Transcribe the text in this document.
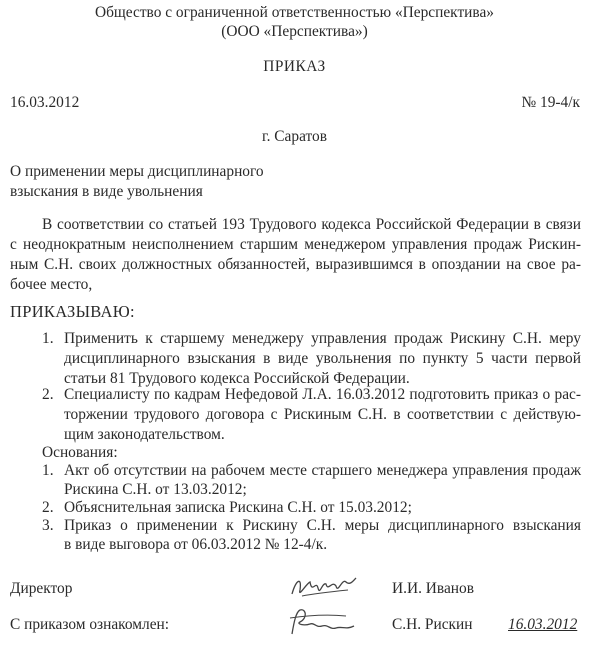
Общество с ограниченной ответственностью «Перспектива»
(ООО «Перспектива»)
ПРИКАЗ
16.03.2012	№ 19-4/к
г. Саратов
О применении меры дисциплинарного
взыскания в виде увольнения
В соответствии со статьей 193 Трудового кодекса Российской Федерации в связи
с неоднократным неисполнением старшим менеджером управления продаж Рискин-
ным С.Н. своих должностных обязанностей, выразившимся в опоздании на свое ра-
бочее место,
ПРИКАЗЫВАЮ:
1. Применить к старшему менеджеру управления продаж Рискину С.Н. меру
дисциплинарного взыскания в виде увольнения по пункту 5 части первой
статьи 81 Трудового кодекса Российской Федерации.
2. Специалисту по кадрам Нефедовой Л.А. 16.03.2012 подготовить приказ о рас-
торжении трудового договора с Рискиным С.Н. в соответствии с действую-
щим законодательством.
Основания:
1. Акт об отсутствии на рабочем месте старшего менеджера управления продаж
Рискина С.Н. от 13.03.2012;
2. Объяснительная записка Рискина С.Н. от 15.03.2012;
3. Приказ о применении к Рискину С.Н. меры дисциплинарного взыскания
в виде выговора от 06.03.2012 № 12-4/к.
Директор	И.И. Иванов
С приказом ознакомлен:	С.Н. Рискин 16.03.2012
